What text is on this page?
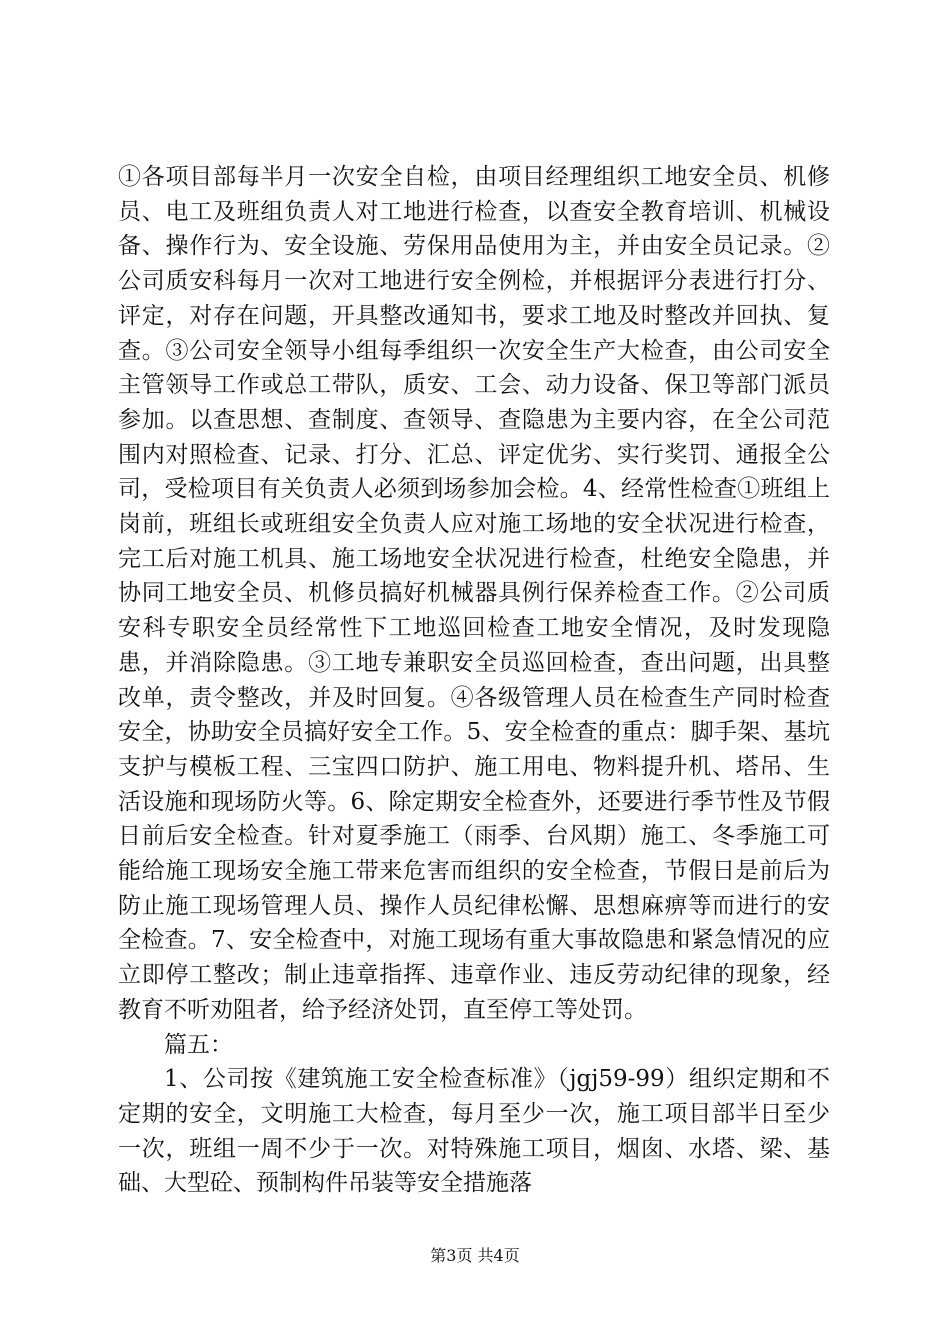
①各项目部每半月一次安全自检，由项目经理组织工地安全员、机修员、电工及班组负责人对工地进行检查，以查安全教育培训、机械设备、操作行为、安全设施、劳保用品使用为主，并由安全员记录。②公司质安科每月一次对工地进行安全例检，并根据评分表进行打分、评定，对存在问题，开具整改通知书，要求工地及时整改并回执、复查。③公司安全领导小组每季组织一次安全生产大检查，由公司安全主管领导工作或总工带队，质安、工会、动力设备、保卫等部门派员参加。以查思想、查制度、查领导、查隐患为主要内容，在全公司范围内对照检查、记录、打分、汇总、评定优劣、实行奖罚、通报全公司，受检项目有关负责人必须到场参加会检。4、经常性检查①班组上岗前，班组长或班组安全负责人应对施工场地的安全状况进行检查，完工后对施工机具、施工场地安全状况进行检查，杜绝安全隐患，并协同工地安全员、机修员搞好机械器具例行保养检查工作。②公司质安科专职安全员经常性下工地巡回检查工地安全情况，及时发现隐患，并消除隐患。③工地专兼职安全员巡回检查，查出问题，出具整改单，责令整改，并及时回复。④各级管理人员在检查生产同时检查安全，协助安全员搞好安全工作。5、安全检查的重点：脚手架、基坑支护与模板工程、三宝四口防护、施工用电、物料提升机、塔吊、生活设施和现场防火等。6、除定期安全检查外，还要进行季节性及节假日前后安全检查。针对夏季施工（雨季、台风期）施工、冬季施工可能给施工现场安全施工带来危害而组织的安全检查，节假日是前后为防止施工现场管理人员、操作人员纪律松懈、思想麻痹等而进行的安全检查。7、安全检查中，对施工现场有重大事故隐患和紧急情况的应立即停工整改；制止违章指挥、违章作业、违反劳动纪律的现象，经教育不听劝阻者，给予经济处罚，直至停工等处罚。

篇五：

1、公司按《建筑施工安全检查标准》（jgj59-99）组织定期和不定期的安全，文明施工大检查，每月至少一次，施工项目部半日至少一次，班组一周不少于一次。对特殊施工项目，烟囱、水塔、梁、基础、大型砼、预制构件吊装等安全措施落

第3页 共4页
